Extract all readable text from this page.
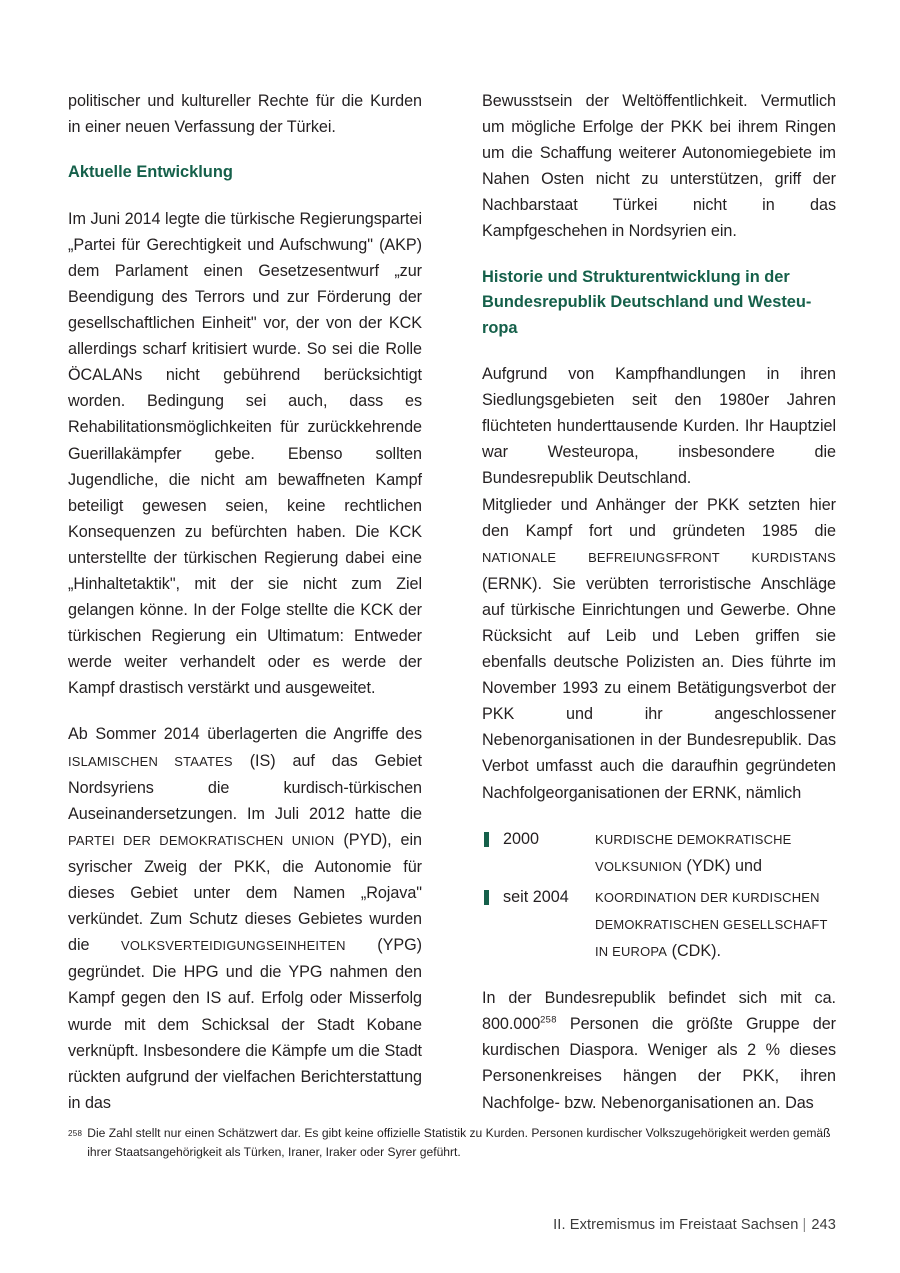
politischer und kultureller Rechte für die Kurden in einer neuen Verfassung der Türkei.

Aktuelle Entwicklung

Im Juni 2014 legte die türkische Regierungspartei „Partei für Gerechtigkeit und Aufschwung" (AKP) dem Parlament einen Gesetzesentwurf „zur Beendigung des Terrors und zur Förderung der gesellschaftlichen Einheit" vor, der von der KCK allerdings scharf kritisiert wurde. So sei die Rolle ÖCALANs nicht gebührend berücksichtigt worden. Bedingung sei auch, dass es Rehabilitationsmöglichkeiten für zurückkehrende Guerillakämpfer gebe. Ebenso sollten Jugendliche, die nicht am bewaffneten Kampf beteiligt gewesen seien, keine rechtlichen Konsequenzen zu befürchten haben. Die KCK unterstellte der türkischen Regierung dabei eine „Hinhaltetaktik", mit der sie nicht zum Ziel gelangen könne. In der Folge stellte die KCK der türkischen Regierung ein Ultimatum: Entweder werde weiter verhandelt oder es werde der Kampf drastisch verstärkt und ausgeweitet.

Ab Sommer 2014 überlagerten die Angriffe des ISLAMISCHEN STAATES (IS) auf das Gebiet Nordsyriens die kurdisch-türkischen Auseinandersetzungen. Im Juli 2012 hatte die PARTEI DER DEMOKRATISCHEN UNION (PYD), ein syrischer Zweig der PKK, die Autonomie für dieses Gebiet unter dem Namen „Rojava" verkündet. Zum Schutz dieses Gebietes wurden die VOLKSVERTEIDIGUNGSEINHEITEN (YPG) gegründet. Die HPG und die YPG nahmen den Kampf gegen den IS auf. Erfolg oder Misserfolg wurde mit dem Schicksal der Stadt Kobane verknüpft. Insbesondere die Kämpfe um die Stadt rückten aufgrund der vielfachen Berichterstattung in das

Bewusstsein der Weltöffentlichkeit. Vermutlich um mögliche Erfolge der PKK bei ihrem Ringen um die Schaffung weiterer Autonomiegebiete im Nahen Osten nicht zu unterstützen, griff der Nachbarstaat Türkei nicht in das Kampfgeschehen in Nordsyrien ein.

Historie und Strukturentwicklung in der
Bundesrepublik Deutschland und Westeu-
ropa

Aufgrund von Kampfhandlungen in ihren Siedlungsgebieten seit den 1980er Jahren flüchteten hunderttausende Kurden. Ihr Hauptziel war Westeuropa, insbesondere die Bundesrepublik Deutschland.

Mitglieder und Anhänger der PKK setzten hier den Kampf fort und gründeten 1985 die NATIONALE BEFREIUNGSFRONT KURDISTANS (ERNK). Sie verübten terroristische Anschläge auf türkische Einrichtungen und Gewerbe. Ohne Rücksicht auf Leib und Leben griffen sie ebenfalls deutsche Polizisten an. Dies führte im November 1993 zu einem Betätigungsverbot der PKK und ihr angeschlossener Nebenorganisationen in der Bundesrepublik. Das Verbot umfasst auch die daraufhin gegründeten Nachfolgeorganisationen der ERNK, nämlich

2000	KURDISCHE DEMOKRATISCHE VOLKSUNION (YDK) und
seit 2004	KOORDINATION DER KURDISCHEN DEMOKRATISCHEN GESELLSCHAFT IN EUROPA (CDK).

In der Bundesrepublik befindet sich mit ca. 800.000$^{258}$ Personen die größte Gruppe der kurdischen Diaspora. Weniger als 2 % dieses Personenkreises hängen der PKK, ihren Nachfolge- bzw. Nebenorganisationen an. Das

258 Die Zahl stellt nur einen Schätzwert dar. Es gibt keine offizielle Statistik zu Kurden. Personen kurdischer Volkszugehörigkeit werden gemäß ihrer Staatsangehörigkeit als Türken, Iraner, Iraker oder Syrer geführt.
II. Extremismus im Freistaat Sachsen | 243
